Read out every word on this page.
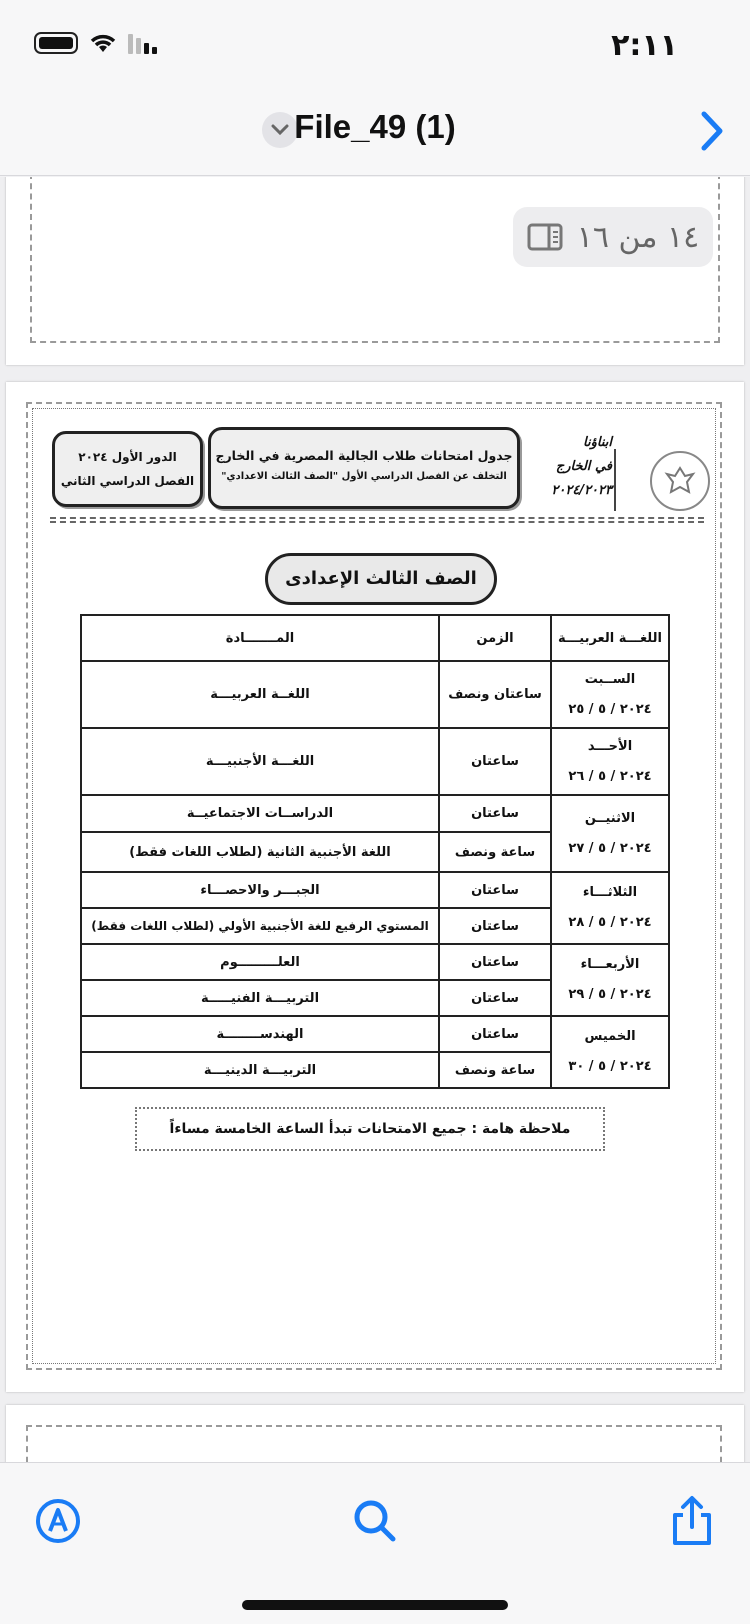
٢:١١
File_49 (1)
١٤ من ١٦
ابناؤنا
في الخارج
٢٠٢٤/٢٠٢٣
جدول امتحانات طلاب الجالية المصرية في الخارج
التخلف عن الفصل الدراسي الأول "الصف الثالث الاعدادي"
الدور الأول ٢٠٢٤
الفصل الدراسي الثاني
الصف الثالث الإعدادى
اللغـــة العربيـــة	الزمن	المـــــــادة

الســبت
٢٠٢٤ / ٥ / ٢٥	ساعتان ونصف	اللغــة العربيـــة

الأحـــد
٢٠٢٤ / ٥ / ٢٦	ساعتان	اللغـــة الأجنبيـــة

الاثنيــن
٢٠٢٤ / ٥ / ٢٧	ساعتان	الدراســات الاجتماعيــة
	ساعة ونصف	اللغة الأجنبية الثانية (لطلاب اللغات فقط)

الثلاثـــاء
٢٠٢٤ / ٥ / ٢٨	ساعتان	الجبـــر والاحصـــاء
	ساعتان	المستوي الرفيع للغة الأجنبية الأولي (لطلاب اللغات فقط)

الأربعـــاء
٢٠٢٤ / ٥ / ٢٩	ساعتان	العلـــــــــوم
	ساعتان	التربيـــة الفنيـــــة

الخميس
٢٠٢٤ / ٥ / ٣٠	ساعتان	الهندســــــــة
	ساعة ونصف	التربيـــة الدينيـــة
ملاحظة هامة : جميع الامتحانات تبدأ الساعة الخامسة مساءاً
